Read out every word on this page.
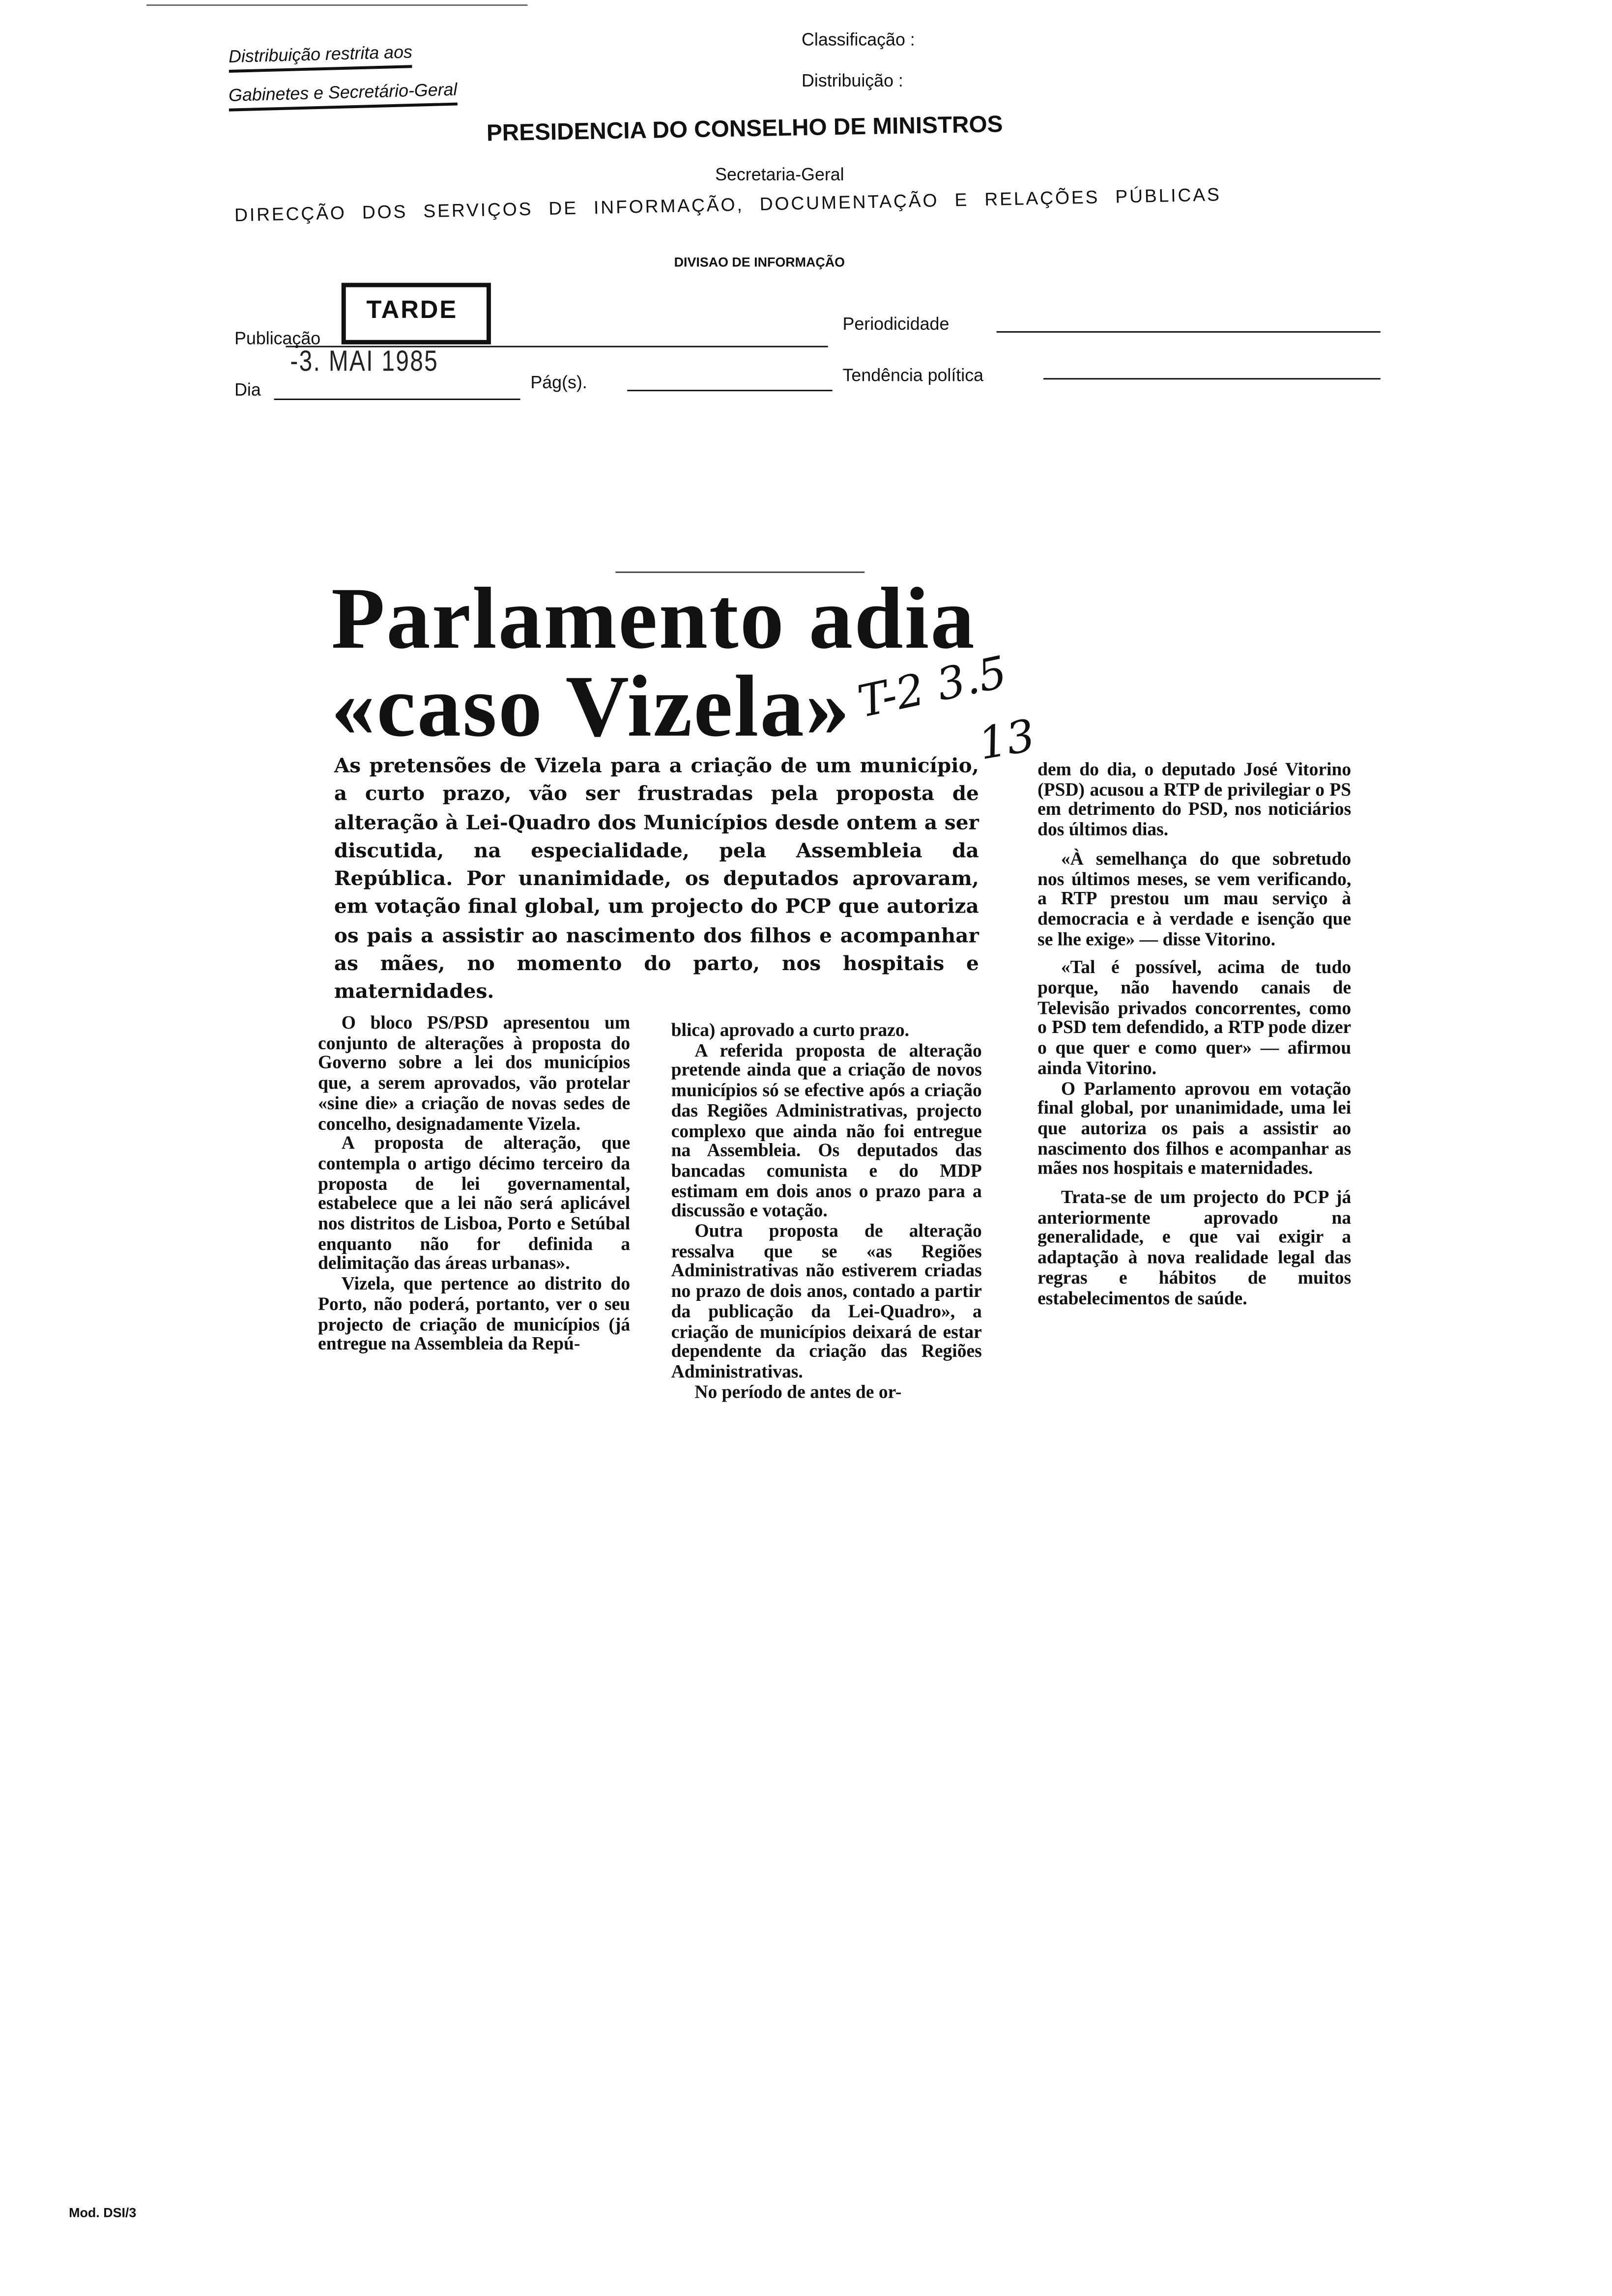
Distribuição restrita aos
Gabinetes e Secretário-Geral
Classificação :
Distribuição :
PRESIDENCIA DO CONSELHO DE MINISTROS
Secretaria-Geral
DIRECÇÃO DOS SERVIÇOS DE INFORMAÇÃO, DOCUMENTAÇÃO E RELAÇÕES PÚBLICAS
DIVISAO DE INFORMAÇÃO
TARDE
Publicação
Periodicidade
-3. MAI 1985
Dia	Pág(s).	Tendência política
Parlamento adia
«caso Vizela» T-2 3.5
13
As pretensões de Vizela para a criação de um município, a curto prazo, vão ser frustradas pela proposta de alteração à Lei-Quadro dos Municípios desde ontem a ser discutida, na especialidade, pela Assembleia da República. Por unanimidade, os deputados aprovaram, em votação final global, um projecto do PCP que autoriza os pais a assistir ao nascimento dos filhos e acompanhar as mães, no momento do parto, nos hospitais e maternidades.

O bloco PS/PSD apresentou um conjunto de alterações à proposta do Governo sobre a lei dos municípios que, a serem aprovados, vão protelar «sine die» a criação de novas sedes de concelho, designadamente Vizela.

A proposta de alteração, que contempla o artigo décimo terceiro da proposta de lei governamental, estabelece que a lei não será aplicável nos distritos de Lisboa, Porto e Setúbal enquanto não for definida a delimitação das áreas urbanas».

Vizela, que pertence ao distrito do Porto, não poderá, portanto, ver o seu projecto de criação de municípios (já entregue na Assembleia da Repú-

blica) aprovado a curto prazo.

A referida proposta de alteração pretende ainda que a criação de novos municípios só se efective após a criação das Regiões Administrativas, projecto complexo que ainda não foi entregue na Assembleia. Os deputados das bancadas comunista e do MDP estimam em dois anos o prazo para a discussão e votação.

Outra proposta de alteração ressalva que se «as Regiões Administrativas não estiverem criadas no prazo de dois anos, contado a partir da publicação da Lei-Quadro», a criação de municípios deixará de estar dependente da criação das Regiões Administrativas.

No período de antes de or-

dem do dia, o deputado José Vitorino (PSD) acusou a RTP de privilegiar o PS em detrimento do PSD, nos noticiários dos últimos dias.

«À semelhança do que sobretudo nos últimos meses, se vem verificando, a RTP prestou um mau serviço à democracia e à verdade e isenção que se lhe exige» — disse Vitorino.

«Tal é possível, acima de tudo porque, não havendo canais de Televisão privados concorrentes, como o PSD tem defendido, a RTP pode dizer o que quer e como quer» — afirmou ainda Vitorino.

O Parlamento aprovou em votação final global, por unanimidade, uma lei que autoriza os pais a assistir ao nascimento dos filhos e acompanhar as mães nos hospitais e maternidades.

Trata-se de um projecto do PCP já anteriormente aprovado na generalidade, e que vai exigir a adaptação à nova realidade legal das regras e hábitos de muitos estabelecimentos de saúde.

Mod. DSI/3
